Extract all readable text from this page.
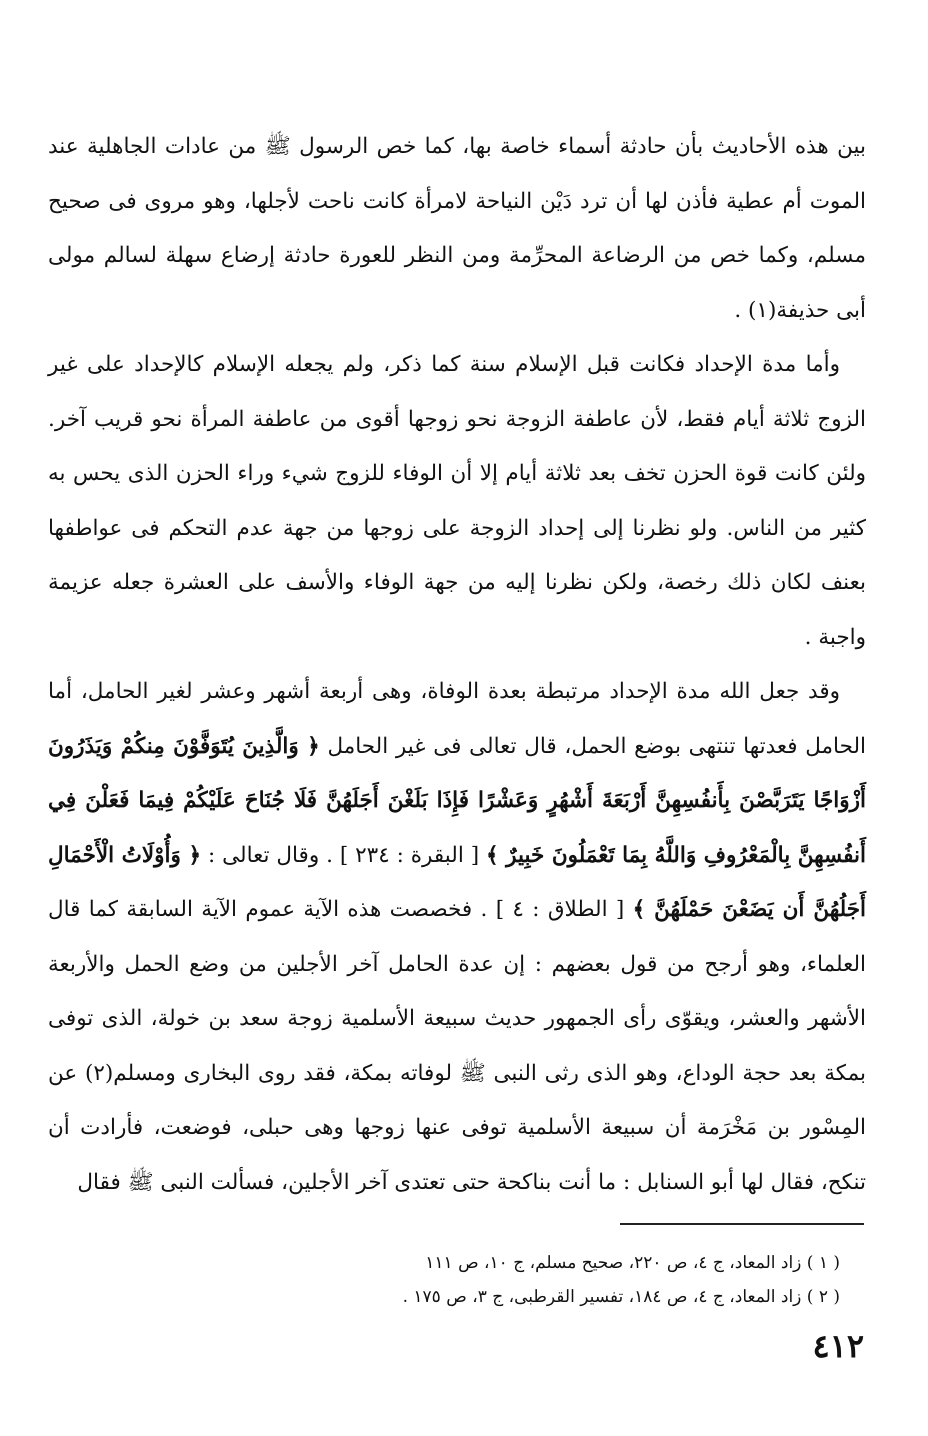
بين هذه الأحاديث بأن حادثة أسماء خاصة بها، كما خص الرسول ﷺ من عادات الجاهلية عند الموت أم عطية فأذن لها أن ترد دَيْن النياحة لامرأة كانت ناحت لأجلها، وهو مروى فى صحيح مسلم، وكما خص من الرضاعة المحرِّمة ومن النظر للعورة حادثة إرضاع سهلة لسالم مولى أبى حذيفة(١) .

وأما مدة الإحداد فكانت قبل الإسلام سنة كما ذكر، ولم يجعله الإسلام كالإحداد على غير الزوج ثلاثة أيام فقط، لأن عاطفة الزوجة نحو زوجها أقوى من عاطفة المرأة نحو قريب آخر. ولئن كانت قوة الحزن تخف بعد ثلاثة أيام إلا أن الوفاء للزوج شيء وراء الحزن الذى يحس به كثير من الناس. ولو نظرنا إلى إحداد الزوجة على زوجها من جهة عدم التحكم فى عواطفها بعنف لكان ذلك رخصة، ولكن نظرنا إليه من جهة الوفاء والأسف على العشرة جعله عزيمة واجبة .

وقد جعل الله مدة الإحداد مرتبطة بعدة الوفاة، وهى أربعة أشهر وعشر لغير الحامل، أما الحامل فعدتها تنتهى بوضع الحمل، قال تعالى فى غير الحامل ﴿ وَالَّذِينَ يُتَوَفَّوْنَ مِنكُمْ وَيَذَرُونَ أَزْوَاجًا يَتَرَبَّصْنَ بِأَنفُسِهِنَّ أَرْبَعَةَ أَشْهُرٍ وَعَشْرًا فَإِذَا بَلَغْنَ أَجَلَهُنَّ فَلَا جُنَاحَ عَلَيْكُمْ فِيمَا فَعَلْنَ فِي أَنفُسِهِنَّ بِالْمَعْرُوفِ وَاللَّهُ بِمَا تَعْمَلُونَ خَبِيرٌ ﴾ [ البقرة : ٢٣٤ ] . وقال تعالى : ﴿ وَأُوْلَاتُ الْأَحْمَالِ أَجَلُهُنَّ أَن يَضَعْنَ حَمْلَهُنَّ ﴾ [ الطلاق : ٤ ] . فخصصت هذه الآية عموم الآية السابقة كما قال العلماء، وهو أرجح من قول بعضهم : إن عدة الحامل آخر الأجلين من وضع الحمل والأربعة الأشهر والعشر، ويقوّى رأى الجمهور حديث سبيعة الأسلمية زوجة سعد بن خولة، الذى توفى بمكة بعد حجة الوداع، وهو الذى رثى النبى ﷺ لوفاته بمكة، فقد روى البخارى ومسلم(٢) عن المِسْور بن مَخْرَمة أن سبيعة الأسلمية توفى عنها زوجها وهى حبلى، فوضعت، فأرادت أن تنكح، فقال لها أبو السنابل : ما أنت بناكحة حتى تعتدى آخر الأجلين، فسألت النبى ﷺ فقال

( ١ ) زاد المعاد، ج ٤، ص ٢٢٠، صحيح مسلم، ج ١٠، ص ١١١

( ٢ ) زاد المعاد، ج ٤، ص ١٨٤، تفسير القرطبى، ج ٣، ص ١٧٥ .

٤١٢
